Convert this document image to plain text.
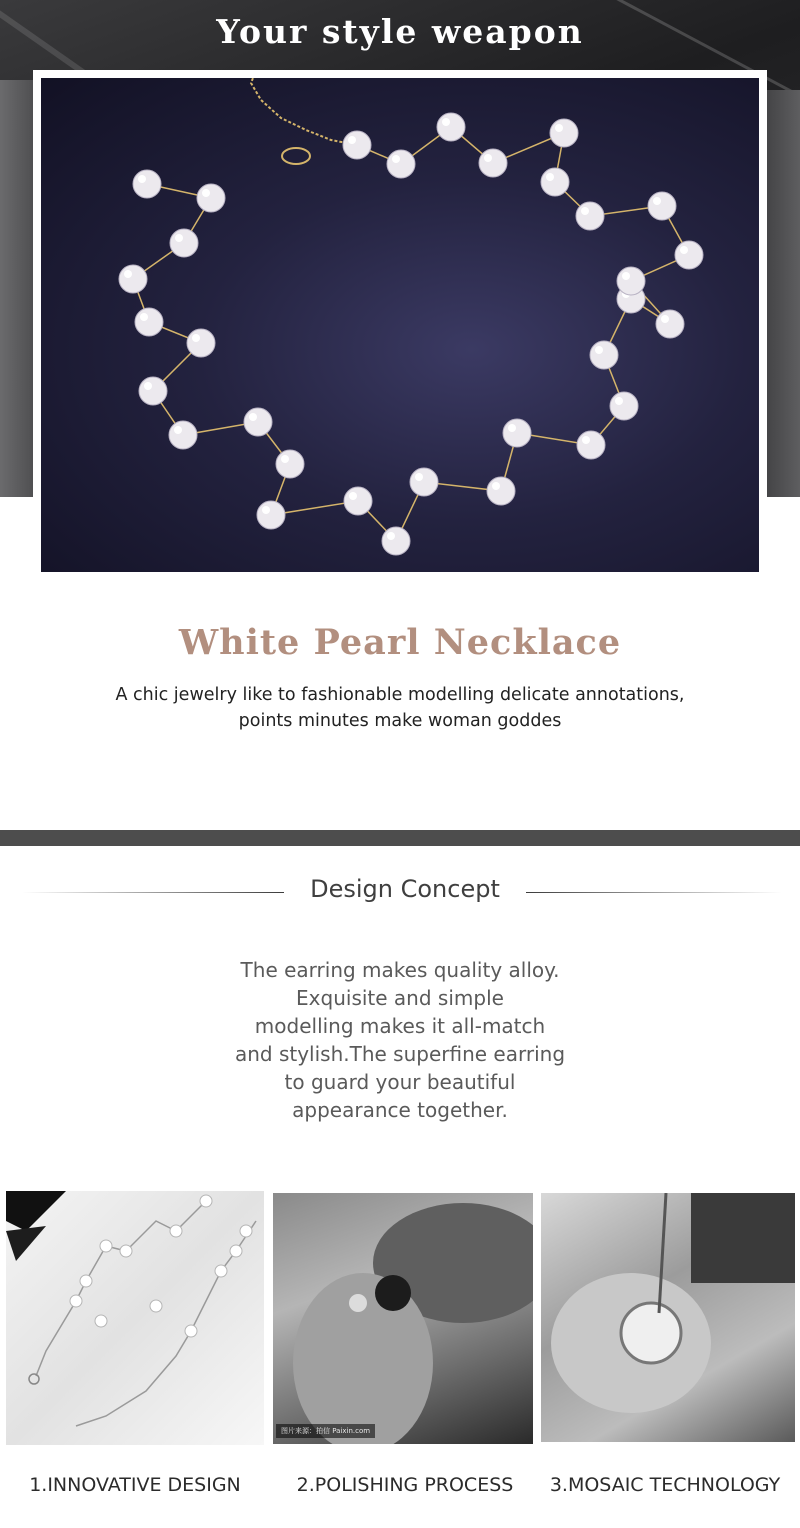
Your style weapon
White Pearl Necklace
A chic jewelry like to fashionable modelling delicate annotations,
points minutes make woman goddes
Design Concept
The earring makes quality alloy.
Exquisite and simple
modelling makes it all-match
and stylish.The superfine earring
to guard your beautiful
appearance together.
图片来源：拍信 Paixin.com
1.INNOVATIVE DESIGN	2.POLISHING PROCESS	3.MOSAIC TECHNOLOGY
